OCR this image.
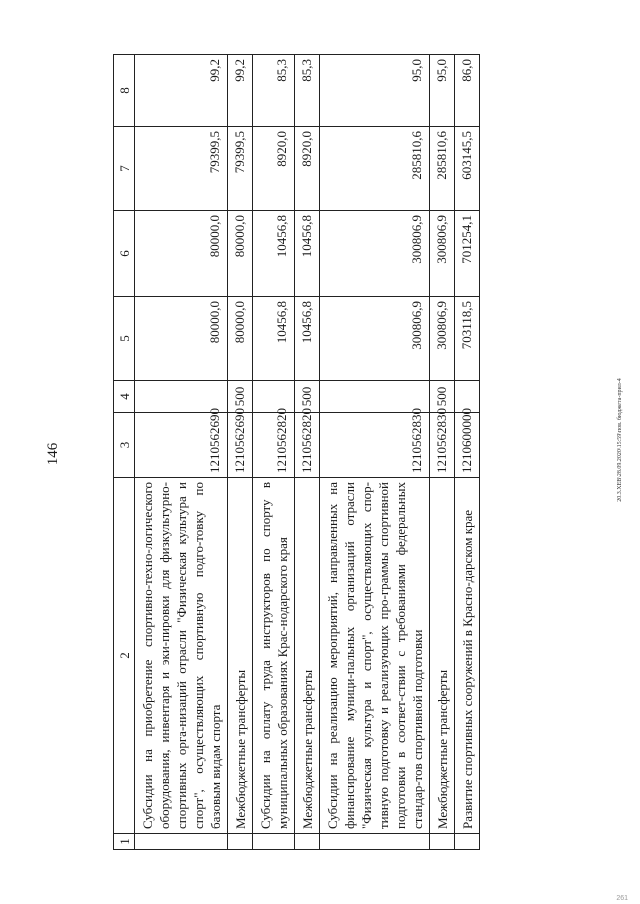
146	20.3.ХЕВ\28.09.2020\15:59\пов. бюджета-прил-4
261
1	2	3	4	5	6	7	8
	Субсидии на приобретение спортивно-техно-логического оборудования, инвентаря и эки-пировки для физкультурно-спортивных орга-низаций отрасли "Физическая культура и спорт", осуществляющих спортивную подго-товку по базовым видам спорта	1210562690		80000,0	80000,0	79399,5	99,2
	Межбюджетные трансферты	1210562690	500	80000,0	80000,0	79399,5	99,2
	Субсидии на оплату труда инструкторов по спорту в муниципальных образованиях Крас-нодарского края	1210562820		10456,8	10456,8	8920,0	85,3
	Межбюджетные трансферты	1210562820	500	10456,8	10456,8	8920,0	85,3
	Субсидии на реализацию мероприятий, направленных на финансирование муници-пальных организаций отрасли "Физическая культура и спорт", осуществляющих спор-тивную подготовку и реализующих про-граммы спортивной подготовки в соответ-ствии с требованиями федеральных стандар-тов спортивной подготовки	1210562830		300806,9	300806,9	285810,6	95,0
	Межбюджетные трансферты	1210562830	500	300806,9	300806,9	285810,6	95,0
	Развитие спортивных сооружений в Красно-дарском крае	1210600000		703118,5	701254,1	603145,5	86,0
